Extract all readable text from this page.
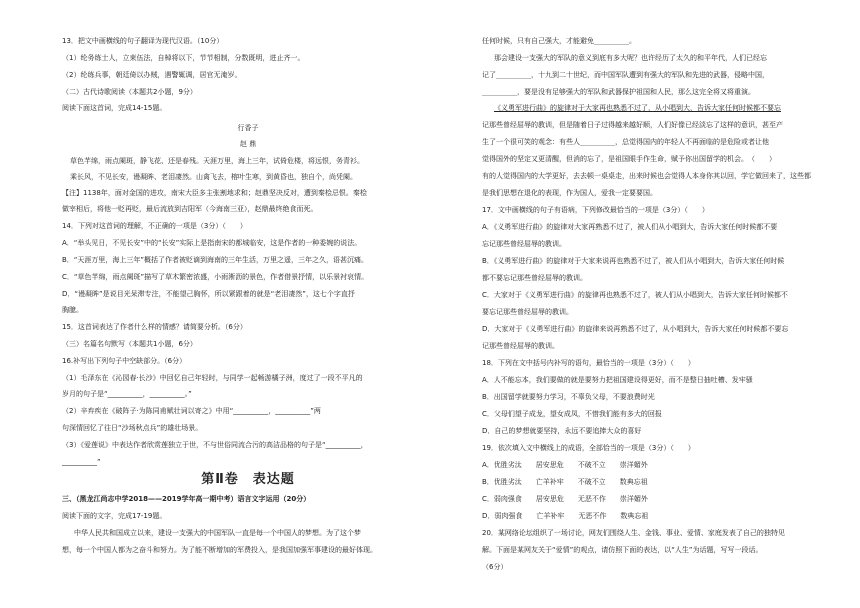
13．把文中画横线的句子翻译为现代汉语。（10分）
（1）纶务练士人，立束伍法，自棹将以下，节节相制，分数既明，进止齐一。
（2）纶练兵事，朝廷倚以办贼，遇警辄调，居官无淹岁。
（二）古代诗歌阅读（本题共2小题，9分）
阅读下面这首词，完成14-15题。
行香子
赵 鼎
草色芊绵，雨点阑斑，静飞花、还是春残。天涯万里，海上三年，试倚危楼，将远恨，务青衫。
乘长风，不见长安，谩凝眸、老泪凄然。山禽飞去，榕叶生寒，到黄昏也，独自个，尚凭阑。
【注】1138年，面对金国的进攻，南宋大臣多主张割地求和；赵鼎坚决反对，遭到秦桧忌恨。秦桧
做宰相后，将他一贬再贬，最后流放到吉阳军（今海南三亚），赵鼎最终绝食而死。
14．下列对这首词的理解，不正确的一项是（3分）（　　）
A．“举头见日，不见长安”中的“长安”实际上是指南宋的都城临安，这是作者的一种委婉的说法。
B．“天涯万里，海上三年”概括了作者被贬谪到海南的三年生活，万里之遥，三年之久，语甚沉痛。
C．“草色芊绵，雨点阑斑”描写了草木繁密浓盛，小雨淅沥的景色，作者借景抒情，以乐景衬哀情。
D．“谩凝眸”是说目光呆滞专注，不能望己胸怀，所以紧跟着的就是“老泪凄然”，这七个字直抒
胸臆。
15．这首词表达了作者什么样的情感？请简要分析。（6分）
（三）名篇名句默写（本题共1小题，6分）
16.补写出下列句子中空缺部分。（6分）
（1）毛泽东在《沁园春·长沙》中回忆自己年轻时，与同学一起畅游橘子洲，度过了一段不平凡的
岁月的句子是“__________，__________。”
（2）辛弃疾在《破阵子·为陈同甫赋壮词以寄之》中用“__________，__________”两
句深情回忆了往日“沙场秋点兵”的雄壮场景。
（3）《爱莲说》中表达作者欣赏莲独立于世，不与世俗同流合污的高洁品格的句子是“__________，
__________”
第Ⅱ卷　表达题
三、（黑龙江尚志中学2018——2019学年高一期中考）语言文字运用（20分）
阅读下面的文字，完成17-19题。
中华人民共和国成立以来，建设一支强大的中国军队一直是每一个中国人的梦想。为了这个梦
想，每一个中国人都为之奋斗和努力。为了能不断增加的军费投入，是我国加强军事建设的最好体现。
任何时候，只有自己强大，才能避免__________。
那会建设一支强大的军队的意义到底有多大呢？也许经历了太久的和平年代，人们已经忘
记了__________，十九到二十世纪，而中国军队遭到有强大的军队和先进的武器，侵略中国，
__________，要是没有足够强大的军队和武器保护祖国和人民，那么这完全将又将重演。
《义勇军进行曲》的旋律对于大家再也熟悉不过了，从小唱到大，告诉大家任何时候都不要忘
记那些曾经屈辱的教训，但是随着日子过得越来越好顺，人们好像已经淡忘了这样的意识，甚至产
生了一个很可笑的观念：有些人__________，总觉得国内的年轻人不再面临的是危险或者让他
觉得国外的坚定又更清醒，但消的忘了，是祖国眼手作生命，赋予你出国留学的机会。　（　　）
有的人觉得国内的大学更好，去去顿一桌桌走，出来时候也会觉得人本身你其以回，学它做回来了，这些都
是我们思想在退化的表现，作为国人，爱我一定要要国。
17．文中画横线的句子有语病，下列修改最恰当的一项是（3分）（　　）
A．《义勇军进行曲》的旋律对大家再熟悉不过了，被人们从小唱到大，告诉大家任何时候都不要
忘记那些曾经屈辱的教训。
B．《义勇军进行曲》的旋律对于大家来说再也熟悉不过了，被人们从小唱到大，告诉大家任何时候
都不要忘记那些曾经屈辱的教训。
C．大家对于《义勇军进行曲》的旋律再也熟悉不过了，被人们从小唱到大，告诉大家任何时候都不
要忘记那些曾经屈辱的教训。
D．大家对于《义勇军进行曲》的旋律来说再熟悉不过了，从小唱到大，告诉大家任何时候都不要忘
记那些曾经屈辱的教训。
18．下列在文中括号内补写的语句，最恰当的一项是（3分）（　　）
A．人不能忘本，我们要做的就是要努力把祖国建设得更好，而不是整日抽吐槽、发牢骚
B．出国留学就要努力学习，不辜负父母，不要浪费时光
C．父母们望子成龙，望女成凤，不惜我们能有多大的回报
D．自己的梦想就要坚持，永远不要追捧大众的喜好
19．依次填入文中横线上的成语，全部恰当的一项是（3分）（　　）
A．优胜劣汰　　居安思危　　不破不立　　崇洋媚外
B．优胜劣汰　　亡羊补牢　　不破不立　　数典忘祖
C．弱肉强食　　居安思危　　无恶不作　　崇洋媚外
D．弱肉强食　　亡羊补牢　　无恶不作　　数典忘祖
20．某网络论坛组织了一场讨论，网友们围绕人生、金钱、事业、爱情、家庭发表了自己的独特见
解。下面是某网友关于“爱情”的观点，请仿照下面的表达，以“人生”为话题，写写一段话。
（6分）
